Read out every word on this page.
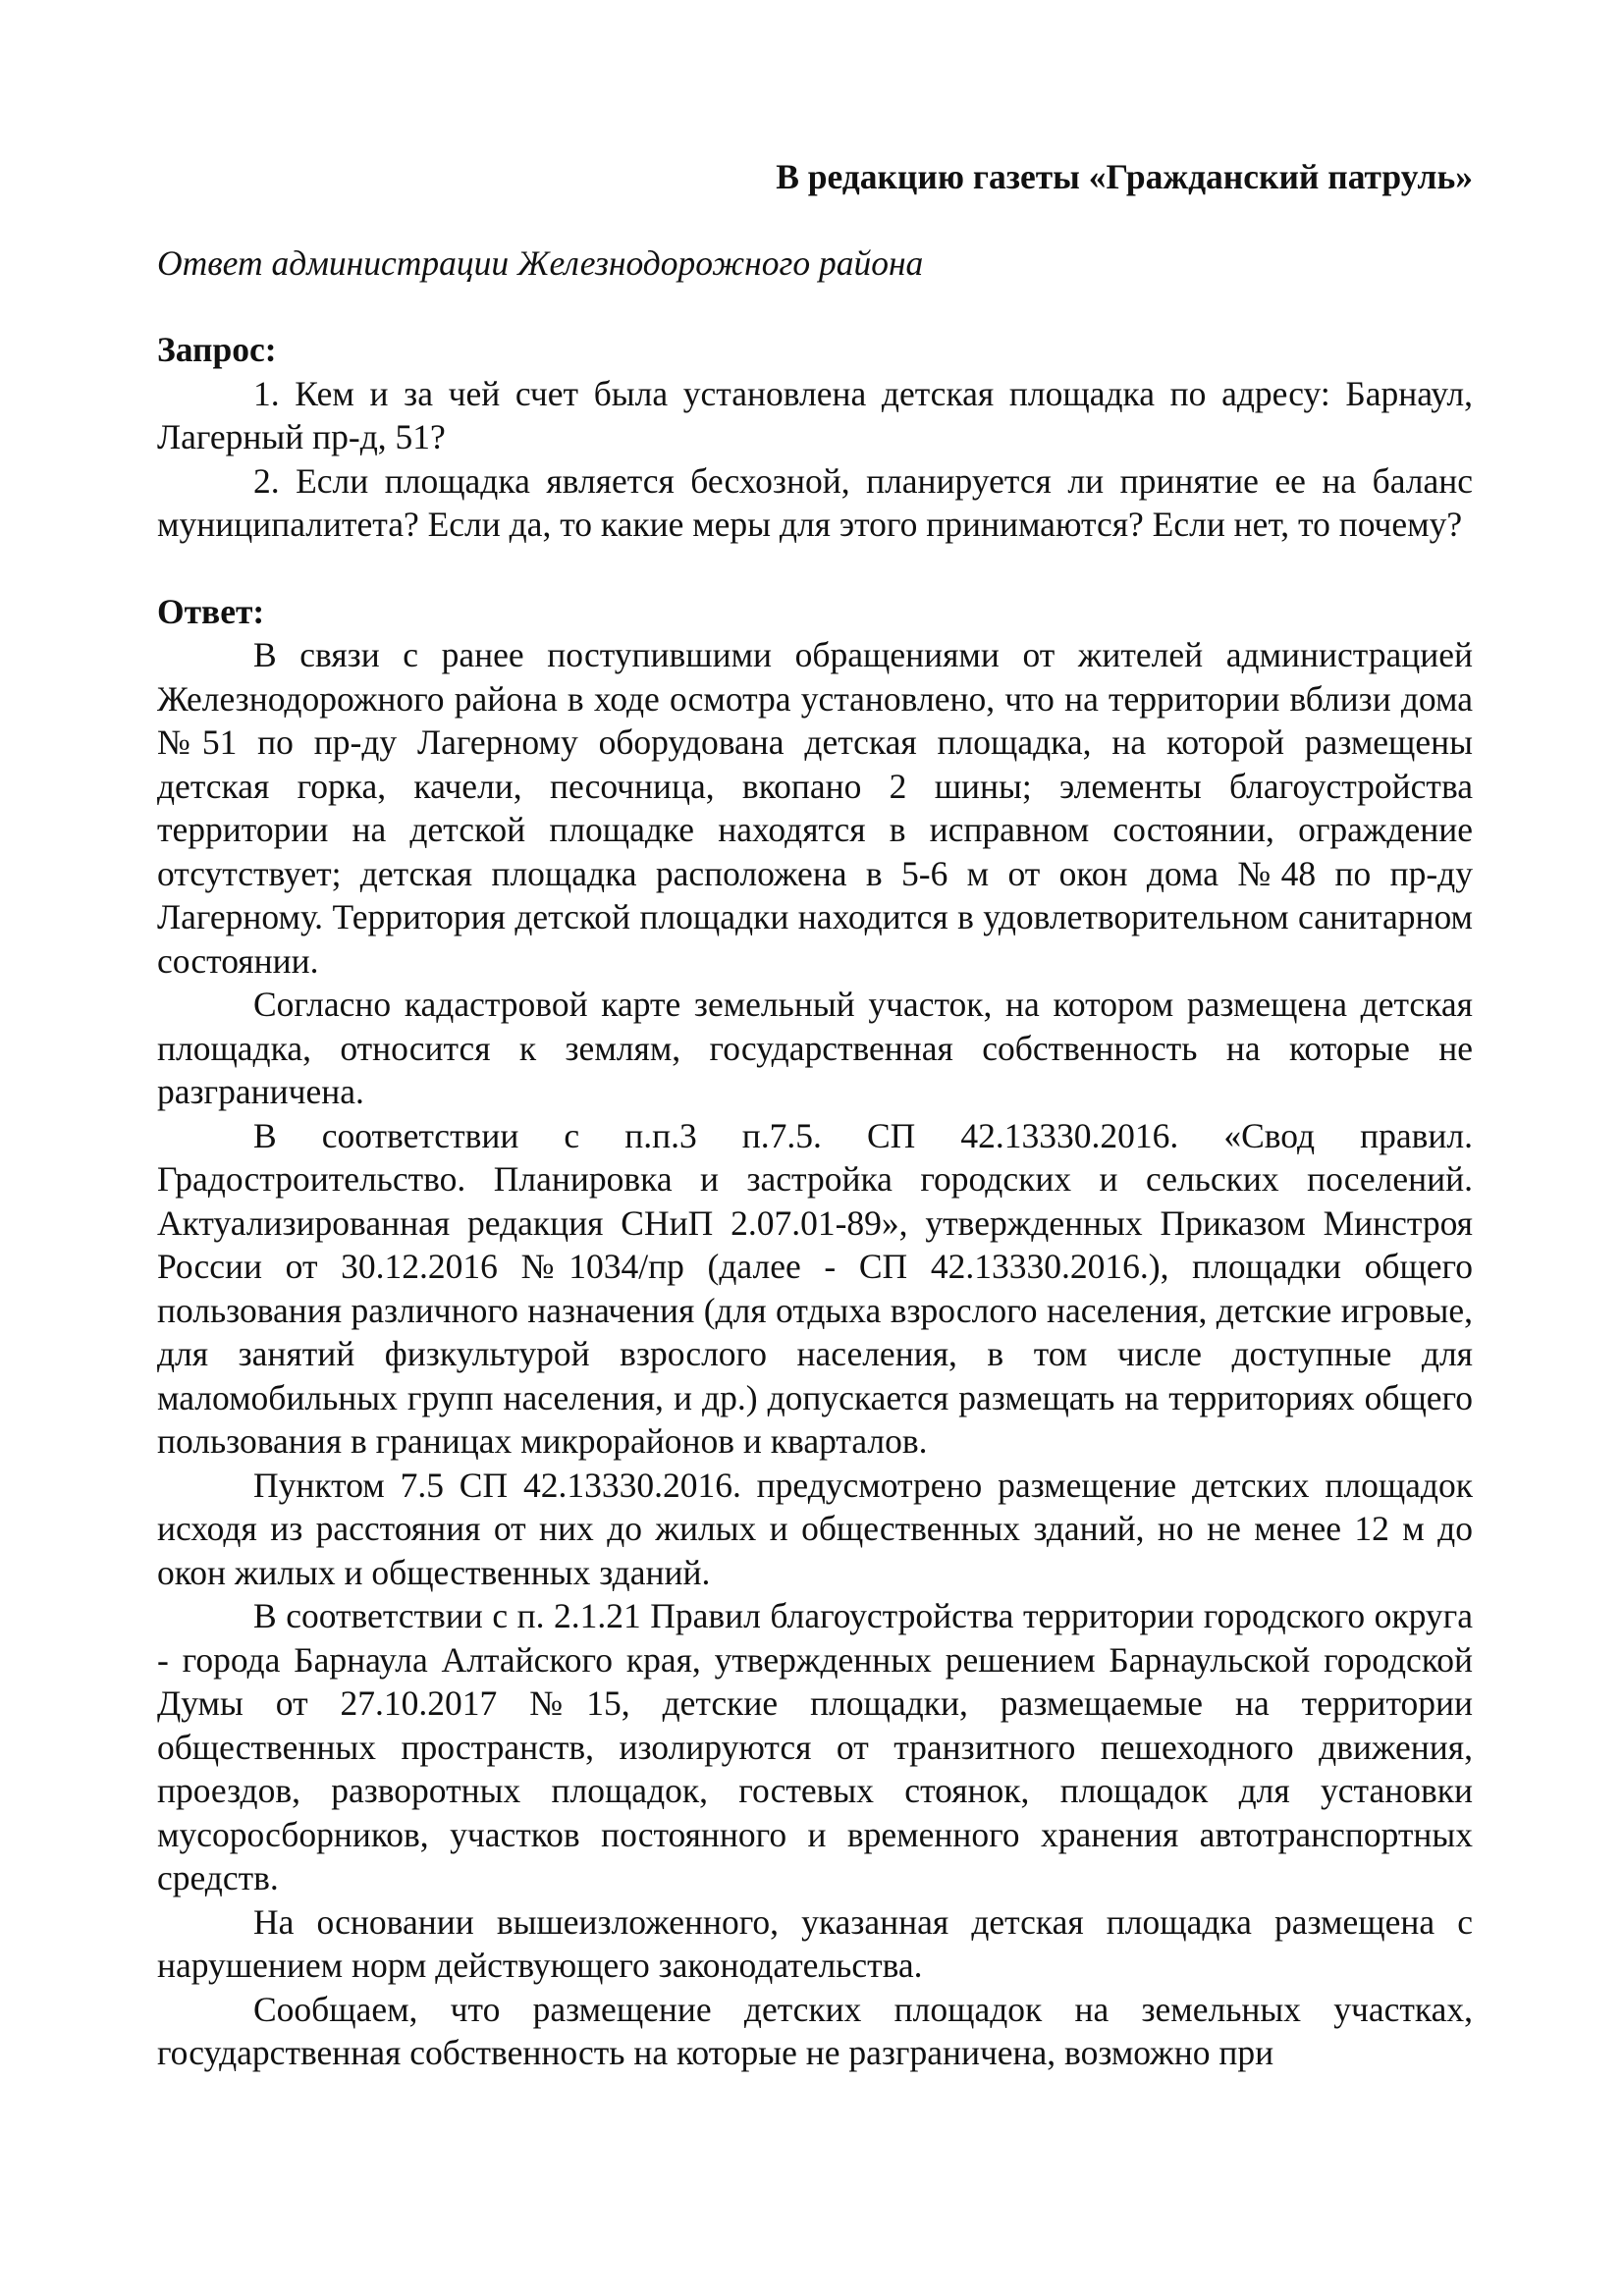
В редакцию газеты «Гражданский патруль»
Ответ администрации Железнодорожного района
Запрос:

1. Кем и за чей счет была установлена детская площадка по адресу: Барнаул, Лагерный пр-д, 51?

2. Если площадка является бесхозной, планируется ли принятие ее на баланс муниципалитета? Если да, то какие меры для этого принимаются? Если нет, то почему?

Ответ:

В связи с ранее поступившими обращениями от жителей администрацией Железнодорожного района в ходе осмотра установлено, что на территории вблизи дома №51 по пр-ду Лагерному оборудована детская площадка, на которой размещены детская горка, качели, песочница, вкопано 2 шины; элементы благоустройства территории на детской площадке находятся в исправном состоянии, ограждение отсутствует; детская площадка расположена в 5-6 м от окон дома №48 по пр-ду Лагерному. Территория детской площадки находится в удовлетворительном санитарном состоянии.

Согласно кадастровой карте земельный участок, на котором размещена детская площадка, относится к землям, государственная собственность на которые не разграничена.

В соответствии с п.п.3 п.7.5. СП 42.13330.2016. «Свод правил. Градостроительство. Планировка и застройка городских и сельских поселений. Актуализированная редакция СНиП 2.07.01-89», утвержденных Приказом Минстроя России от 30.12.2016 №1034/пр (далее - СП 42.13330.2016.), площадки общего пользования различного назначения (для отдыха взрослого населения, детские игровые, для занятий физкультурой взрослого населения, в том числе доступные для маломобильных групп населения, и др.) допускается размещать на территориях общего пользования в границах микрорайонов и кварталов.

Пунктом 7.5 СП 42.13330.2016. предусмотрено размещение детских площадок исходя из расстояния от них до жилых и общественных зданий, но не менее 12 м до окон жилых и общественных зданий.

В соответствии с п. 2.1.21 Правил благоустройства территории городского округа - города Барнаула Алтайского края, утвержденных решением Барнаульской городской Думы от 27.10.2017 №15, детские площадки, размещаемые на территории общественных пространств, изолируются от транзитного пешеходного движения, проездов, разворотных площадок, гостевых стоянок, площадок для установки мусоросборников, участков постоянного и временного хранения автотранспортных средств.

На основании вышеизложенного, указанная детская площадка размещена с нарушением норм действующего законодательства.

Сообщаем, что размещение детских площадок на земельных участках, государственная собственность на которые не разграничена, возможно при
